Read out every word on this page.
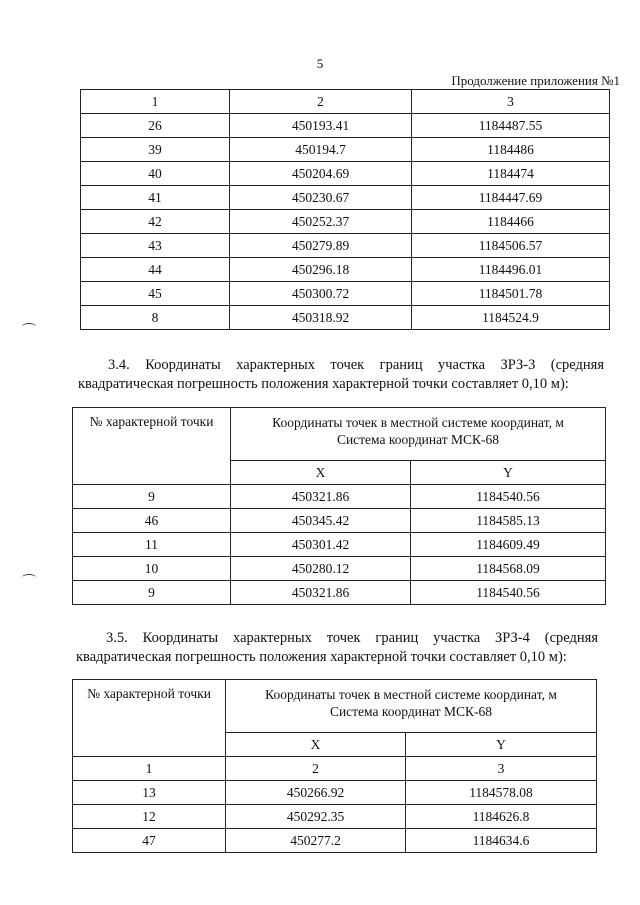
5
Продолжение приложения №1
1	2	3
26	450193.41	1184487.55
39	450194.7	1184486
40	450204.69	1184474
41	450230.67	1184447.69
42	450252.37	1184466
43	450279.89	1184506.57
44	450296.18	1184496.01
45	450300.72	1184501.78
8	450318.92	1184524.9
3.4. Координаты характерных точек границ участка ЗРЗ-3 (средняя
квадратическая погрешность положения характерной точки составляет 0,10 м):
№ характерной точки	Координаты точек в местной системе координат, м
Система координат МСК-68	
	X	Y
9	450321.86	1184540.56
46	450345.42	1184585.13
11	450301.42	1184609.49
10	450280.12	1184568.09
9	450321.86	1184540.56
3.5. Координаты характерных точек границ участка ЗРЗ-4 (средняя
квадратическая погрешность положения характерной точки составляет 0,10 м):
№ характерной точки	Координаты точек в местной системе координат, м
Система координат МСК-68	
	X	Y
1	2	3
13	450266.92	1184578.08
12	450292.35	1184626.8
47	450277.2	1184634.6
